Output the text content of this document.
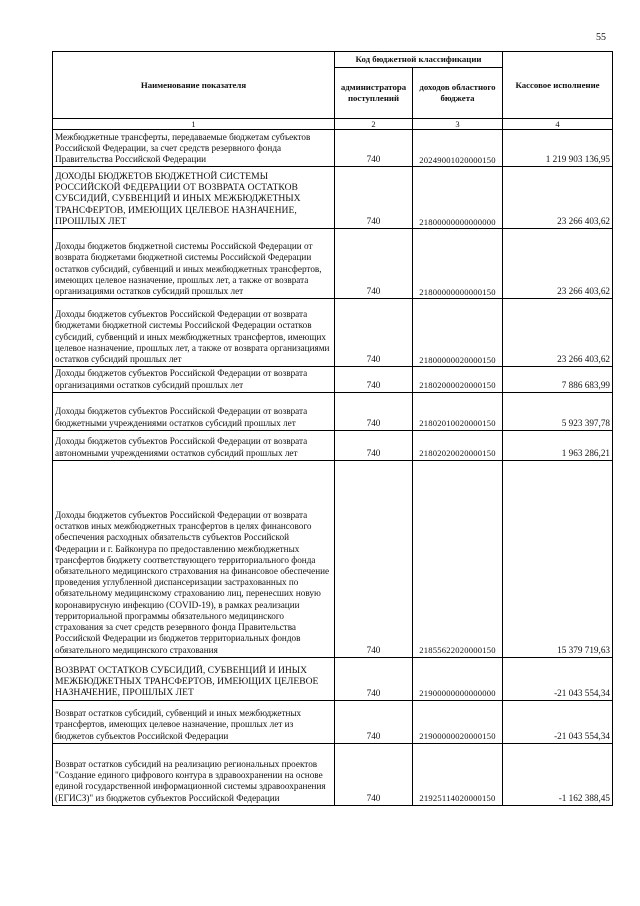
55
Наименование показателя	Код бюджетной классификации		Кассовое исполнение
	администратора поступлений	доходов областного бюджета	
1	2	3	4
Межбюджетные трансферты, передаваемые бюджетам субъектов Российской Федерации, за счет средств резервного фонда Правительства Российской Федерации	740	20249001020000150	1 219 903 136,95
ДОХОДЫ БЮДЖЕТОВ БЮДЖЕТНОЙ СИСТЕМЫ РОССИЙСКОЙ ФЕДЕРАЦИИ ОТ ВОЗВРАТА ОСТАТКОВ СУБСИДИЙ, СУБВЕНЦИЙ И ИНЫХ МЕЖБЮДЖЕТНЫХ ТРАНСФЕРТОВ, ИМЕЮЩИХ ЦЕЛЕВОЕ НАЗНАЧЕНИЕ, ПРОШЛЫХ ЛЕТ	740	21800000000000000	23 266 403,62
Доходы бюджетов бюджетной системы Российской Федерации от возврата бюджетами бюджетной системы Российской Федерации остатков субсидий, субвенций и иных межбюджетных трансфертов, имеющих целевое назначение, прошлых лет, а также от возврата организациями остатков субсидий прошлых лет	740	21800000000000150	23 266 403,62
Доходы бюджетов субъектов Российской Федерации от возврата бюджетами бюджетной системы Российской Федерации остатков субсидий, субвенций и иных межбюджетных трансфертов, имеющих целевое назначение, прошлых лет, а также от возврата организациями остатков субсидий прошлых лет	740	21800000020000150	23 266 403,62
Доходы бюджетов субъектов Российской Федерации от возврата организациями остатков субсидий прошлых лет	740	21802000020000150	7 886 683,99
Доходы бюджетов субъектов Российской Федерации от возврата бюджетными учреждениями остатков субсидий прошлых лет	740	21802010020000150	5 923 397,78
Доходы бюджетов субъектов Российской Федерации от возврата автономными учреждениями остатков субсидий прошлых лет	740	21802020020000150	1 963 286,21
Доходы бюджетов субъектов Российской Федерации от возврата остатков иных межбюджетных трансфертов в целях финансового обеспечения расходных обязательств субъектов Российской Федерации и г. Байконура по предоставлению межбюджетных трансфертов бюджету соответствующего территориального фонда обязательного медицинского страхования на финансовое обеспечение проведения углубленной диспансеризации застрахованных по обязательному медицинскому страхованию лиц, перенесших новую коронавирусную инфекцию (COVID-19), в рамках реализации территориальной программы обязательного медицинского страхования за счет средств резервного фонда Правительства Российской Федерации из бюджетов территориальных фондов обязательного медицинского страхования	740	21855622020000150	15 379 719,63
ВОЗВРАТ ОСТАТКОВ СУБСИДИЙ, СУБВЕНЦИЙ И ИНЫХ МЕЖБЮДЖЕТНЫХ ТРАНСФЕРТОВ, ИМЕЮЩИХ ЦЕЛЕВОЕ НАЗНАЧЕНИЕ, ПРОШЛЫХ ЛЕТ	740	21900000000000000	-21 043 554,34
Возврат остатков субсидий, субвенций и иных межбюджетных трансфертов, имеющих целевое назначение, прошлых лет из бюджетов субъектов Российской Федерации	740	21900000020000150	-21 043 554,34
Возврат остатков субсидий на реализацию региональных проектов "Создание единого цифрового контура в здравоохранении на основе единой государственной информационной системы здравоохранения (ЕГИСЗ)" из бюджетов субъектов Российской Федерации	740	21925114020000150	-1 162 388,45
